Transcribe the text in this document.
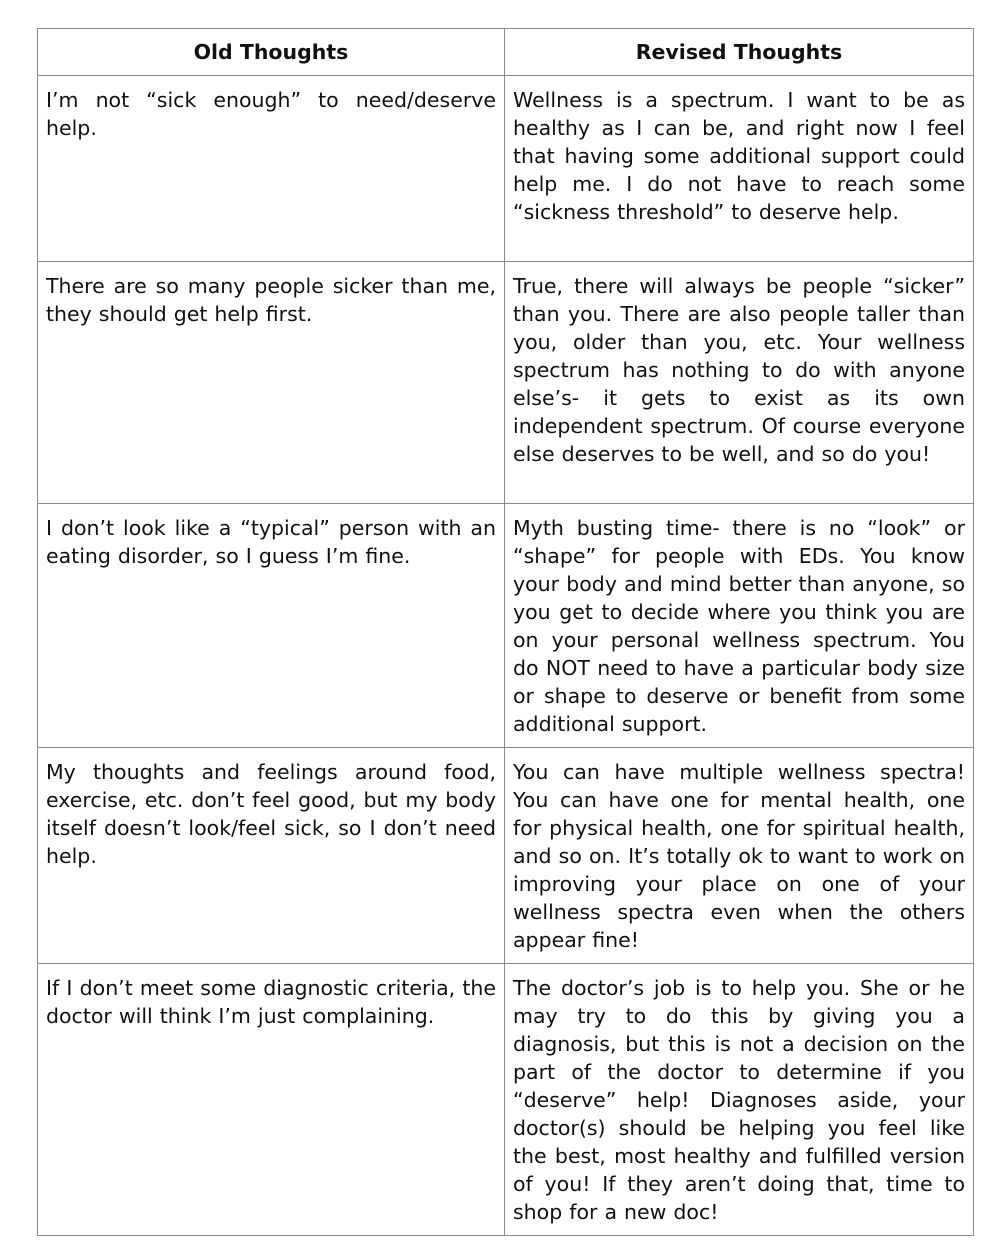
Old Thoughts	Revised Thoughts
I’m not “sick enough” to need/deserve help.	Wellness is a spectrum. I want to be as healthy as I can be, and right now I feel that having some additional support could help me. I do not have to reach some “sickness threshold” to deserve help.
There are so many people sicker than me, they should get help first.	True, there will always be people “sicker” than you. There are also people taller than you, older than you, etc. Your wellness spectrum has nothing to do with anyone else’s- it gets to exist as its own independent spectrum. Of course everyone else deserves to be well, and so do you!
I don’t look like a “typical” person with an eating disorder, so I guess I’m fine.	Myth busting time- there is no “look” or “shape” for people with EDs. You know your body and mind better than anyone, so you get to decide where you think you are on your personal wellness spectrum. You do NOT need to have a particular body size or shape to deserve or benefit from some additional support.
My thoughts and feelings around food, exercise, etc. don’t feel good, but my body itself doesn’t look/feel sick, so I don’t need help.	You can have multiple wellness spectra! You can have one for mental health, one for physical health, one for spiritual health, and so on. It’s totally ok to want to work on improving your place on one of your wellness spectra even when the others appear fine!
If I don’t meet some diagnostic criteria, the doctor will think I’m just complaining.	The doctor’s job is to help you. She or he may try to do this by giving you a diagnosis, but this is not a decision on the part of the doctor to determine if you “deserve” help! Diagnoses aside, your doctor(s) should be helping you feel like the best, most healthy and fulfilled version of you! If they aren’t doing that, time to shop for a new doc!
